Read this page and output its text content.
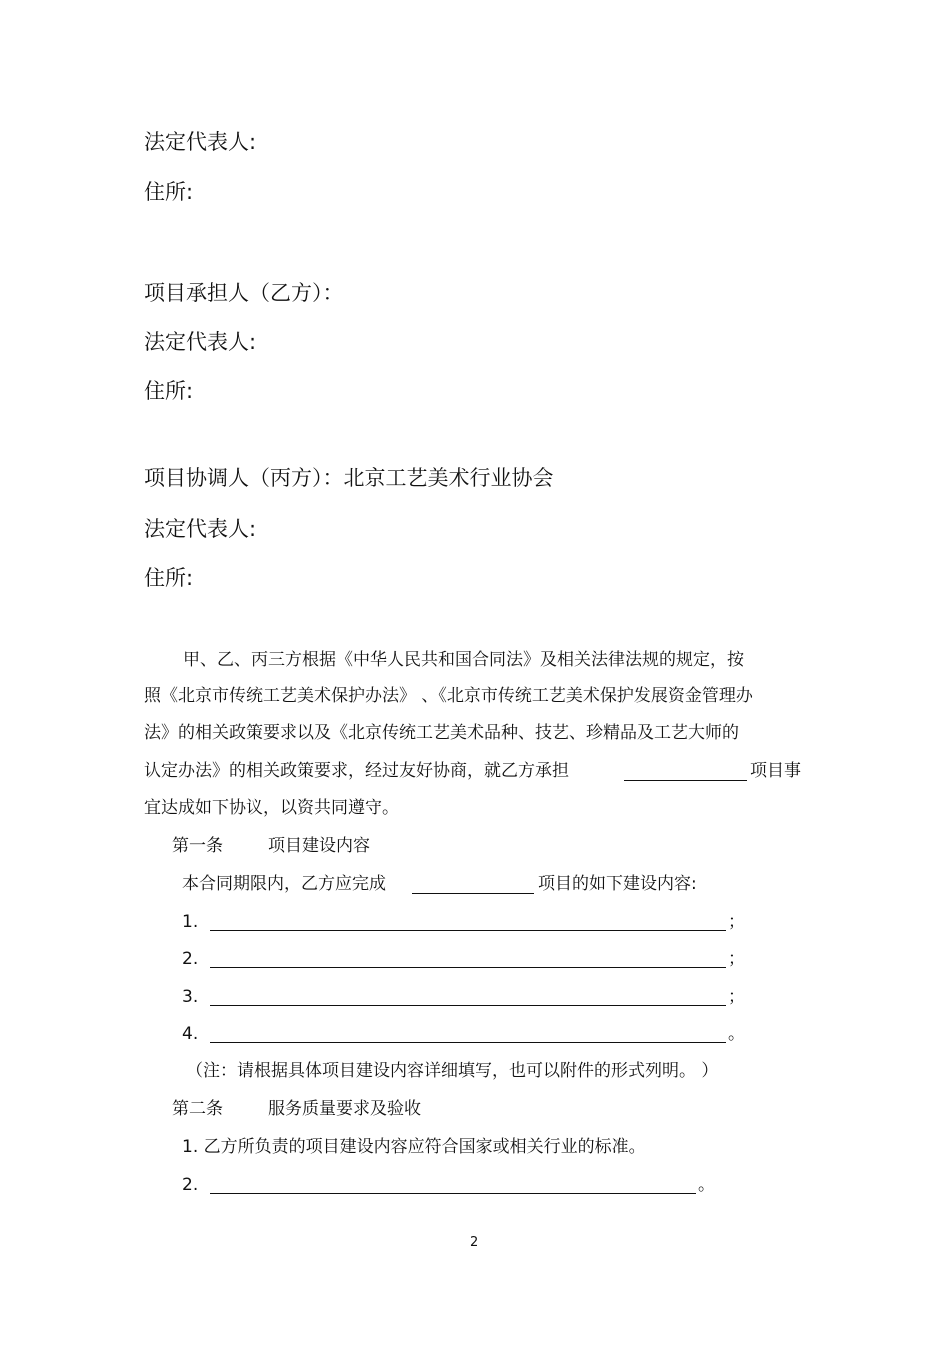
法定代表人:
住所:
项目承担人（乙方）：
法定代表人:
住所:
项目协调人（丙方）：北京工艺美术行业协会
法定代表人:
住所:
甲、乙、丙三方根据《中华人民共和国合同法》及相关法律法规的规定，按
照《北京市传统工艺美术保护办法》 、《北京市传统工艺美术保护发展资金管理办
法》的相关政策要求以及《北京传统工艺美术品种、技艺、珍精品及工艺大师的
认定办法》的相关政策要求，经过友好协商，就乙方承担	项目事
宜达成如下协议，以资共同遵守。
第一条	项目建设内容
本合同期限内，乙方应完成	项目的如下建设内容:
1.	；
2.	；
3.	；
4.	。
（注：请根据具体项目建设内容详细填写，也可以附件的形式列明。 ）
第二条	服务质量要求及验收
1. 乙方所负责的项目建设内容应符合国家或相关行业的标准。
2.	。
2
